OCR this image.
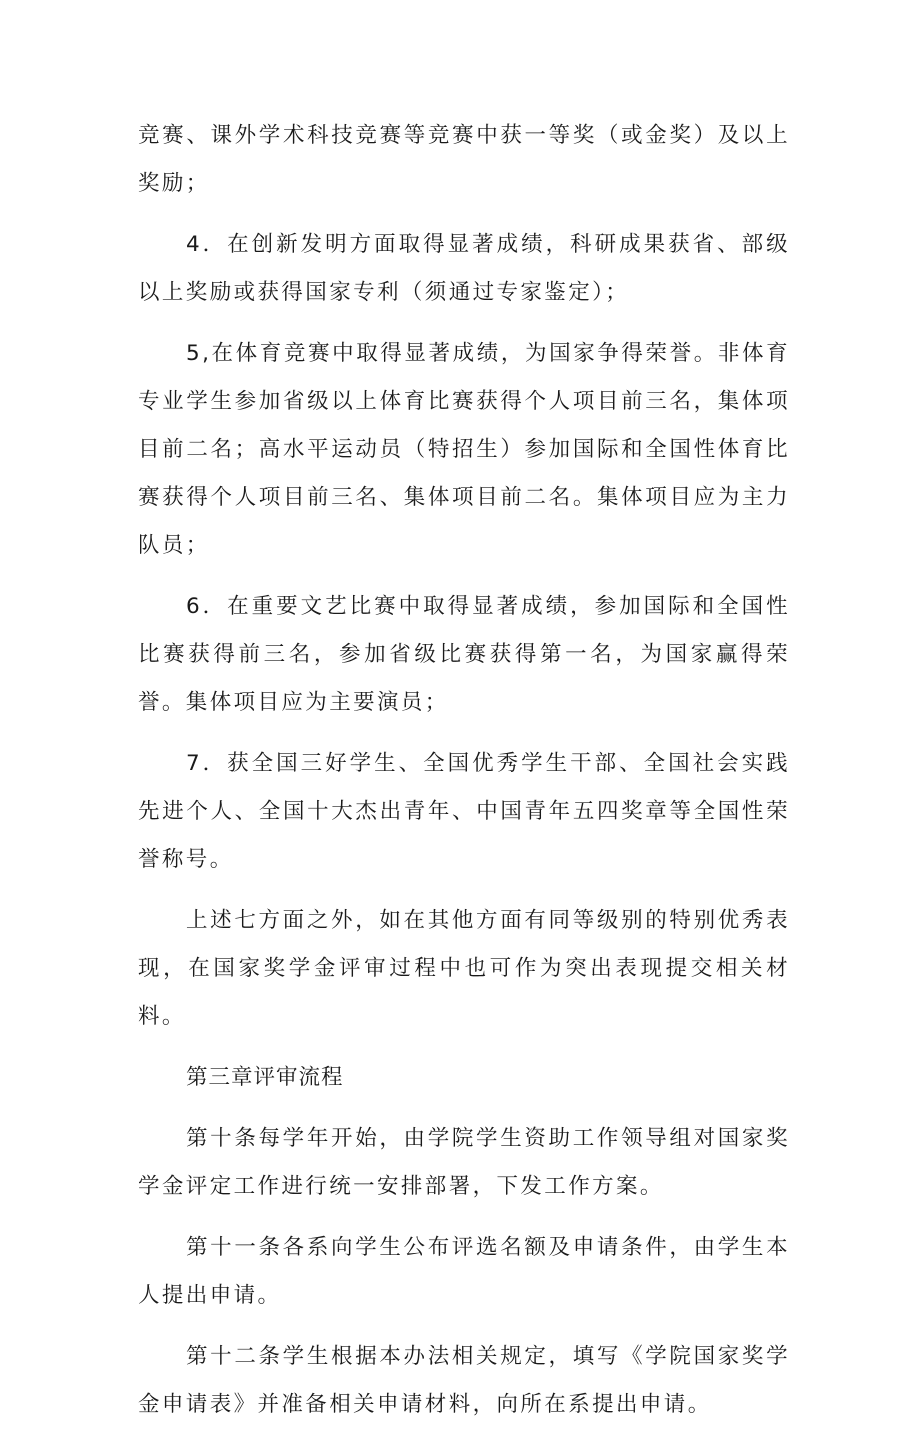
竞赛、课外学术科技竞赛等竞赛中获一等奖（或金奖）及以上奖励；

4．在创新发明方面取得显著成绩，科研成果获省、部级以上奖励或获得国家专利（须通过专家鉴定）；

5,在体育竞赛中取得显著成绩，为国家争得荣誉。非体育专业学生参加省级以上体育比赛获得个人项目前三名，集体项目前二名；高水平运动员（特招生）参加国际和全国性体育比赛获得个人项目前三名、集体项目前二名。集体项目应为主力队员；

6．在重要文艺比赛中取得显著成绩，参加国际和全国性比赛获得前三名，参加省级比赛获得第一名，为国家赢得荣誉。集体项目应为主要演员；

7．获全国三好学生、全国优秀学生干部、全国社会实践先进个人、全国十大杰出青年、中国青年五四奖章等全国性荣誉称号。

上述七方面之外，如在其他方面有同等级别的特别优秀表现，在国家奖学金评审过程中也可作为突出表现提交相关材料。

第三章评审流程

第十条每学年开始，由学院学生资助工作领导组对国家奖学金评定工作进行统一安排部署，下发工作方案。

第十一条各系向学生公布评选名额及申请条件，由学生本人提出申请。

第十二条学生根据本办法相关规定，填写《学院国家奖学金申请表》并准备相关申请材料，向所在系提出申请。
